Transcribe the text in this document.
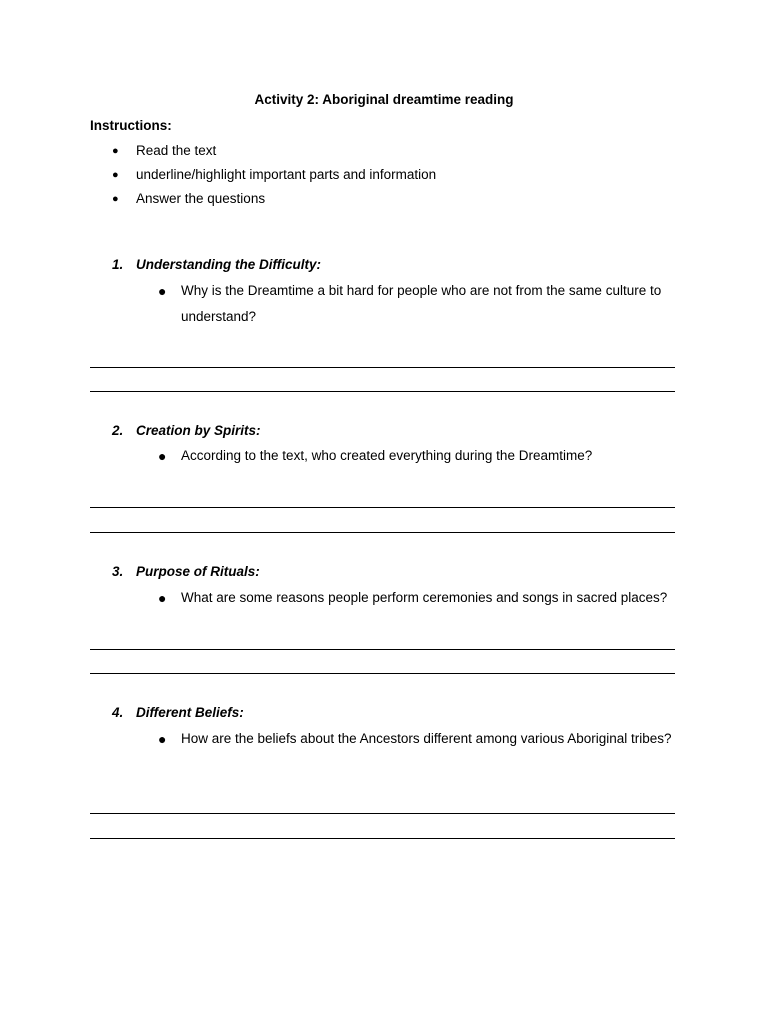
Activity 2: Aboriginal dreamtime reading
Instructions:
● Read the text
● underline/highlight important parts and information
● Answer the questions
1. Understanding the Difficulty:
●	Why is the Dreamtime a bit hard for people who are not from the same culture to understand?
2. Creation by Spirits:
●	According to the text, who created everything during the Dreamtime?
3. Purpose of Rituals:
●	What are some reasons people perform ceremonies and songs in sacred places?
4. Different Beliefs:
●	How are the beliefs about the Ancestors different among various Aboriginal tribes?
